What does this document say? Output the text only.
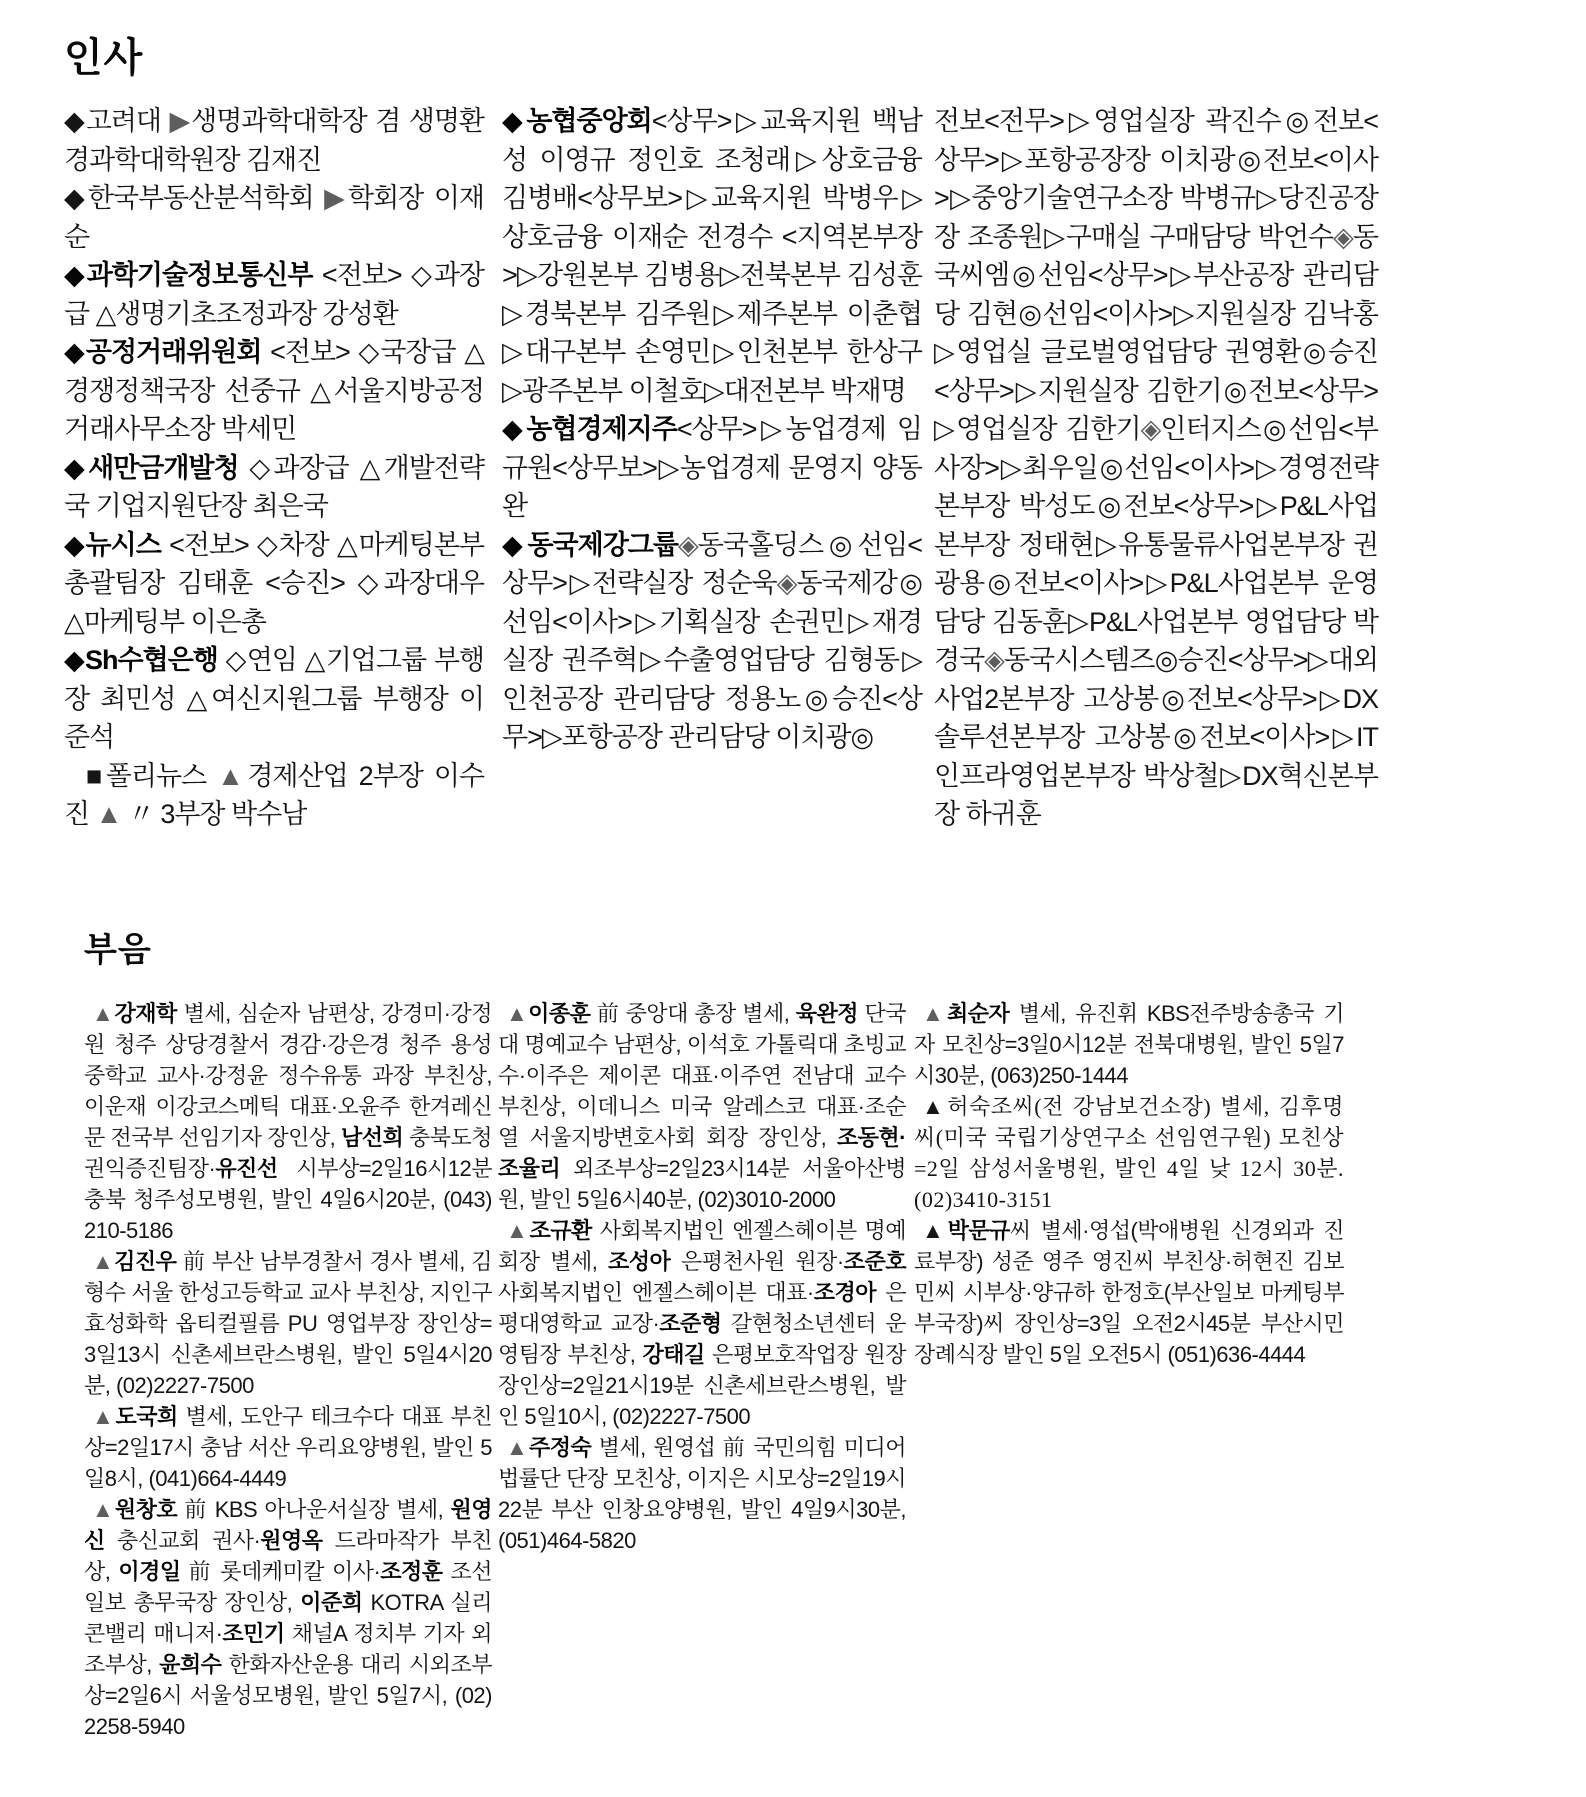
인사

◆고려대 ▶생명과학대학장 겸 생명환경과학대학원장 김재진

◆한국부동산분석학회 ▶학회장 이재순

◆과학기술정보통신부 <전보> ◇과장급 △생명기초조정과장 강성환

◆공정거래위원회 <전보> ◇국장급 △경쟁정책국장 선중규 △서울지방공정거래사무소장 박세민

◆새만금개발청 ◇과장급 △개발전략국 기업지원단장 최은국

◆뉴시스 <전보> ◇차장 △마케팅본부 총괄팀장 김태훈 <승진> ◇과장대우 △마케팅부 이은총

◆Sh수협은행 ◇연임 △기업그룹 부행장 최민성 △여신지원그룹 부행장 이준석

■폴리뉴스 ▲경제산업 2부장 이수진 ▲ 〃 3부장 박수남

◆농협중앙회<상무>▷교육지원 백남성 이영규 정인호 조청래▷상호금융 김병배<상무보>▷교육지원 박병우▷상호금융 이재순 전경수 <지역본부장>▷강원본부 김병용▷전북본부 김성훈▷경북본부 김주원▷제주본부 이춘협▷대구본부 손영민▷인천본부 한상구▷광주본부 이철호▷대전본부 박재명

◆농협경제지주<상무>▷농업경제 임규원<상무보>▷농업경제 문영지 양동완

◆동국제강그룹◈동국홀딩스◎선임<상무>▷전략실장 정순욱◈동국제강◎선임<이사>▷기획실장 손권민▷재경실장 권주혁▷수출영업담당 김형동▷인천공장 관리담당 정용노◎승진<상무>▷포항공장 관리담당 이치광◎

전보<전무>▷영업실장 곽진수◎전보<상무>▷포항공장장 이치광◎전보<이사>▷중앙기술연구소장 박병규▷당진공장장 조종원▷구매실 구매담당 박언수◈동국씨엠◎선임<상무>▷부산공장 관리담당 김현◎선임<이사>▷지원실장 김낙홍▷영업실 글로벌영업담당 권영환◎승진<상무>▷지원실장 김한기◎전보<상무>▷영업실장 김한기◈인터지스◎선임<부사장>▷최우일◎선임<이사>▷경영전략본부장 박성도◎전보<상무>▷P&L사업본부장 정태현▷유통물류사업본부장 권광용◎전보<이사>▷P&L사업본부 운영담당 김동훈▷P&L사업본부 영업담당 박경국◈동국시스템즈◎승진<상무>▷대외사업2본부장 고상봉◎전보<상무>▷DX솔루션본부장 고상봉◎전보<이사>▷IT인프라영업본부장 박상철▷DX혁신본부장 하귀훈

부음

▲강재학 별세, 심순자 남편상, 강경미·강정원 청주 상당경찰서 경감·강은경 청주 용성중학교 교사·강정윤 정수유통 과장 부친상, 이운재 이강코스메틱 대표·오윤주 한겨레신문 전국부 선임기자 장인상, 남선희 충북도청 권익증진팀장·유진선 시부상=2일16시12분 충북 청주성모병원, 발인 4일6시20분, (043)210-5186

▲김진우 前 부산 남부경찰서 경사 별세, 김형수 서울 한성고등학교 교사 부친상, 지인구 효성화학 옵티컬필름 PU 영업부장 장인상=3일13시 신촌세브란스병원, 발인 5일4시20분, (02)2227-7500

▲도국희 별세, 도안구 테크수다 대표 부친상=2일17시 충남 서산 우리요양병원, 발인 5일8시, (041)664-4449

▲원창호 前 KBS 아나운서실장 별세, 원영신 충신교회 권사·원영옥 드라마작가 부친상, 이경일 前 롯데케미칼 이사·조정훈 조선일보 총무국장 장인상, 이준희 KOTRA 실리콘밸리 매니저·조민기 채널A 정치부 기자 외조부상, 윤희수 한화자산운용 대리 시외조부상=2일6시 서울성모병원, 발인 5일7시, (02)2258-5940

▲이종훈 前 중앙대 총장 별세, 육완정 단국대 명예교수 남편상, 이석호 가톨릭대 초빙교수·이주은 제이콘 대표·이주연 전남대 교수 부친상, 이데니스 미국 알레스코 대표·조순열 서울지방변호사회 회장 장인상, 조동현·조율리 외조부상=2일23시14분 서울아산병원, 발인 5일6시40분, (02)3010-2000

▲조규환 사회복지법인 엔젤스헤이븐 명예회장 별세, 조성아 은평천사원 원장·조준호 사회복지법인 엔젤스헤이븐 대표·조경아 은평대영학교 교장·조준형 갈현청소년센터 운영팀장 부친상, 강태길 은평보호작업장 원장 장인상=2일21시19분 신촌세브란스병원, 발인 5일10시, (02)2227-7500

▲주정숙 별세, 원영섭 前 국민의힘 미디어법률단 단장 모친상, 이지은 시모상=2일19시22분 부산 인창요양병원, 발인 4일9시30분, (051)464-5820

▲최순자 별세, 유진휘 KBS전주방송총국 기자 모친상=3일0시12분 전북대병원, 발인 5일7시30분, (063)250-1444

▲허숙조씨(전 강남보건소장) 별세, 김후명씨(미국 국립기상연구소 선임연구원) 모친상=2일 삼성서울병원, 발인 4일 낮 12시 30분. (02)3410-3151

▲박문규씨 별세·영섭(박애병원 신경외과 진료부장) 성준 영주 영진씨 부친상·허현진 김보민씨 시부상·양규하 한정호(부산일보 마케팅부 부국장)씨 장인상=3일 오전2시45분 부산시민장례식장 발인 5일 오전5시 (051)636-4444
